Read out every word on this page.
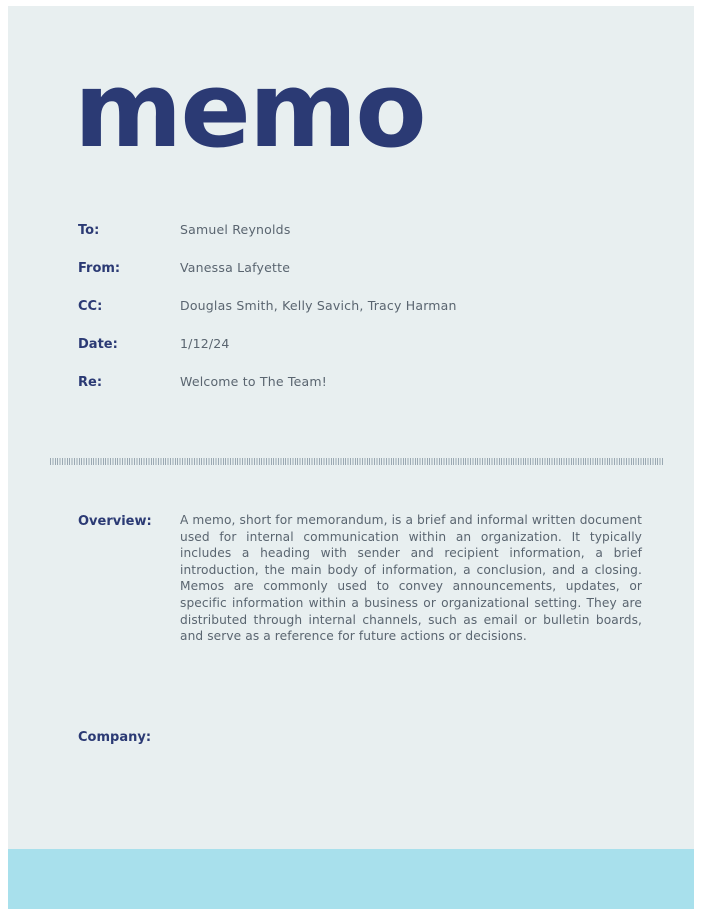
memo
To:	Samuel Reynolds
From:	Vanessa Lafyette
CC:	Douglas Smith, Kelly Savich, Tracy Harman
Date:	1/12/24
Re:	Welcome to The Team!
Overview:	A memo, short for memorandum, is a brief and informal written document used for internal communication within an organization. It typically includes a heading with sender and recipient information, a brief introduction, the main body of information, a conclusion, and a closing. Memos are commonly used to convey announcements, updates, or specific information within a business or organizational setting. They are distributed through internal channels, such as email or bulletin boards, and serve as a reference for future actions or decisions.
Company:
